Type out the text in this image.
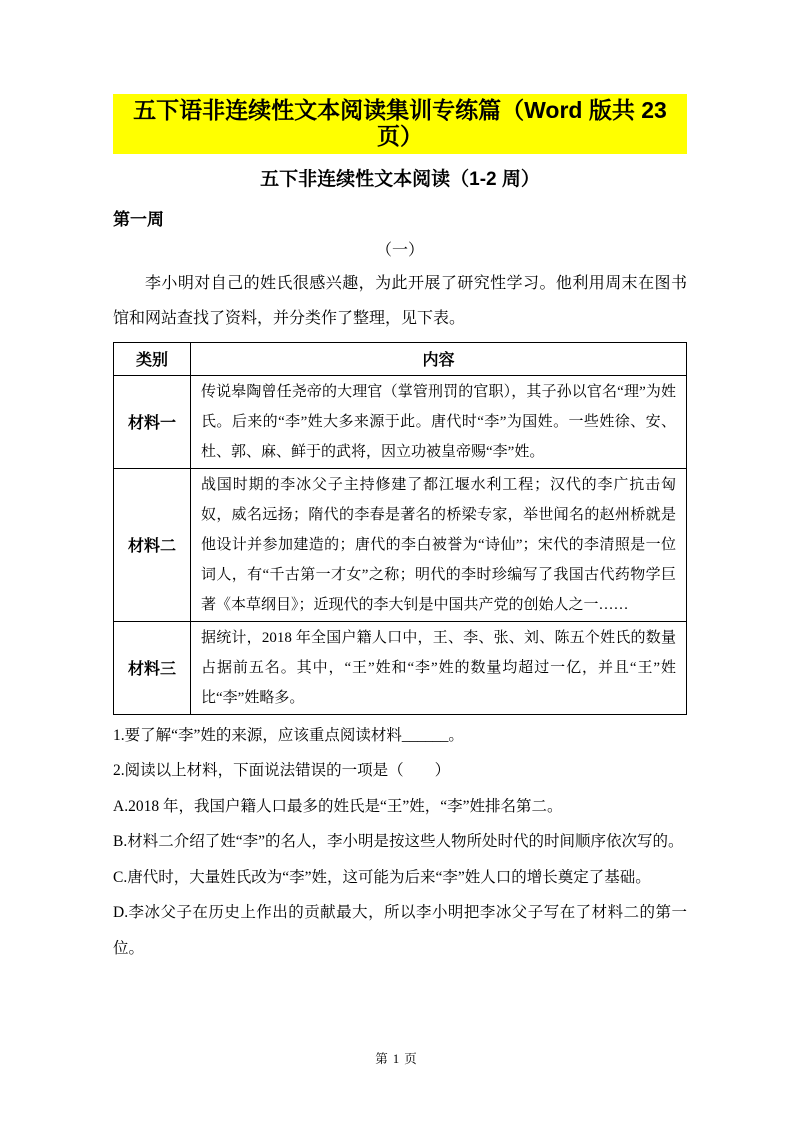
五下语非连续性文本阅读集训专练篇（Word 版共 23 页）
五下非连续性文本阅读（1-2 周）
第一周
（一）

李小明对自己的姓氏很感兴趣，为此开展了研究性学习。他利用周末在图书馆和网站查找了资料，并分类作了整理，见下表。

类别	内容
材料一	传说皋陶曾任尧帝的大理官（掌管刑罚的官职），其子孙以官名“理”为姓氏。后来的“李”姓大多来源于此。唐代时“李”为国姓。一些姓徐、安、杜、郭、麻、鲜于的武将，因立功被皇帝赐“李”姓。
材料二	战国时期的李冰父子主持修建了都江堰水利工程；汉代的李广抗击匈奴，威名远扬；隋代的李春是著名的桥梁专家，举世闻名的赵州桥就是他设计并参加建造的；唐代的李白被誉为“诗仙”；宋代的李清照是一位词人，有“千古第一才女”之称；明代的李时珍编写了我国古代药物学巨著《本草纲目》；近现代的李大钊是中国共产党的创始人之一……
材料三	据统计，2018 年全国户籍人口中，王、李、张、刘、陈五个姓氏的数量占据前五名。其中，“王”姓和“李”姓的数量均超过一亿，并且“王”姓比“李”姓略多。

1.要了解“李”姓的来源，应该重点阅读材料______。

2.阅读以上材料，下面说法错误的一项是（　　）

A.2018 年，我国户籍人口最多的姓氏是“王”姓，“李”姓排名第二。

B.材料二介绍了姓“李”的名人，李小明是按这些人物所处时代的时间顺序依次写的。

C.唐代时，大量姓氏改为“李”姓，这可能为后来“李”姓人口的增长奠定了基础。

D.李冰父子在历史上作出的贡献最大，所以李小明把李冰父子写在了材料二的第一位。

第 1 页
